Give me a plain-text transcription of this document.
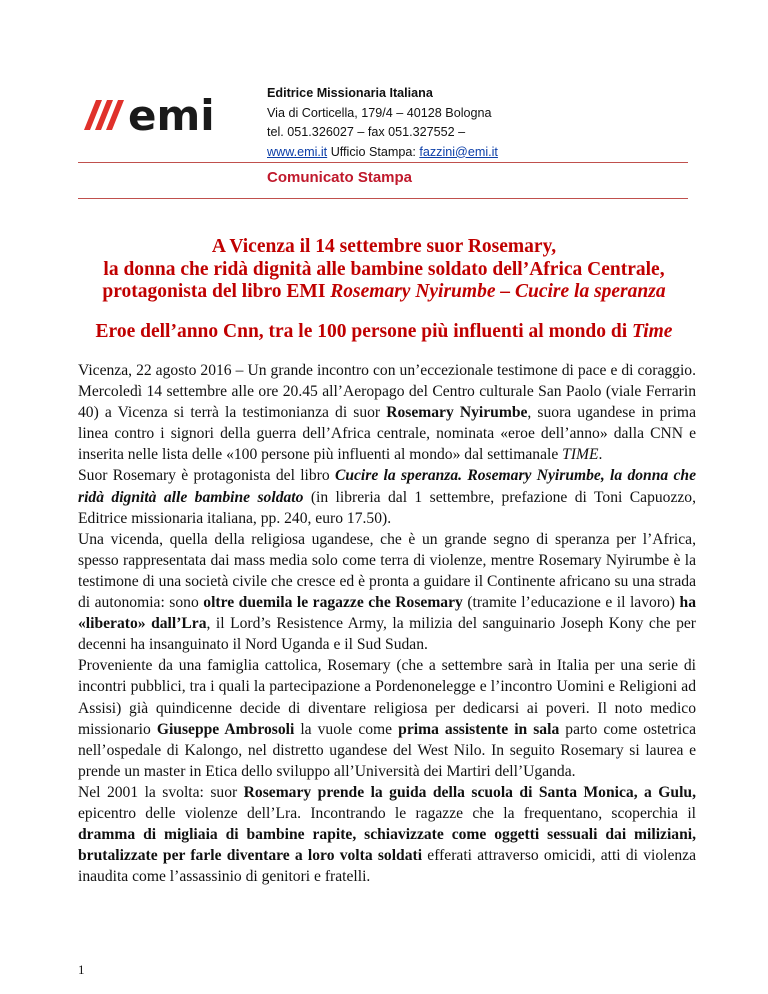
emi	Editrice Missionaria Italiana
Via di Corticella, 179/4 – 40128 Bologna
tel. 051.326027 – fax 051.327552 –
www.emi.it Ufficio Stampa: fazzini@emi.it
Comunicato Stampa
A Vicenza il 14 settembre suor Rosemary,
la donna che ridà dignità alle bambine soldato dell’Africa Centrale,
protagonista del libro EMI Rosemary Nyirumbe – Cucire la speranza
Eroe dell’anno Cnn, tra le 100 persone più influenti al mondo di Time

Vicenza, 22 agosto 2016 – Un grande incontro con un’eccezionale testimone di pace e di coraggio. Mercoledì 14 settembre alle ore 20.45 all’Aeropago del Centro culturale San Paolo (viale Ferrarin 40) a Vicenza si terrà la testimonianza di suor Rosemary Nyirumbe, suora ugandese in prima linea contro i signori della guerra dell’Africa centrale, nominata «eroe dell’anno» dalla CNN e inserita nelle lista delle «100 persone più influenti al mondo» dal settimanale TIME.

Suor Rosemary è protagonista del libro Cucire la speranza. Rosemary Nyirumbe, la donna che ridà dignità alle bambine soldato (in libreria dal 1 settembre, prefazione di Toni Capuozzo, Editrice missionaria italiana, pp. 240, euro 17.50).

Una vicenda, quella della religiosa ugandese, che è un grande segno di speranza per l’Africa, spesso rappresentata dai mass media solo come terra di violenze, mentre Rosemary Nyirumbe è la testimone di una società civile che cresce ed è pronta a guidare il Continente africano su una strada di autonomia: sono oltre duemila le ragazze che Rosemary (tramite l’educazione e il lavoro) ha «liberato» dall’Lra, il Lord’s Resistence Army, la milizia del sanguinario Joseph Kony che per decenni ha insanguinato il Nord Uganda e il Sud Sudan.

Proveniente da una famiglia cattolica, Rosemary (che a settembre sarà in Italia per una serie di incontri pubblici, tra i quali la partecipazione a Pordenonelegge e l’incontro Uomini e Religioni ad Assisi) già quindicenne decide di diventare religiosa per dedicarsi ai poveri. Il noto medico missionario Giuseppe Ambrosoli la vuole come prima assistente in sala parto come ostetrica nell’ospedale di Kalongo, nel distretto ugandese del West Nilo. In seguito Rosemary si laurea e prende un master in Etica dello sviluppo all’Università dei Martiri dell’Uganda.

Nel 2001 la svolta: suor Rosemary prende la guida della scuola di Santa Monica, a Gulu, epicentro delle violenze dell’Lra. Incontrando le ragazze che la frequentano, scoperchia il dramma di migliaia di bambine rapite, schiavizzate come oggetti sessuali dai miliziani, brutalizzate per farle diventare a loro volta soldati efferati attraverso omicidi, atti di violenza inaudita come l’assassinio di genitori e fratelli.

1
